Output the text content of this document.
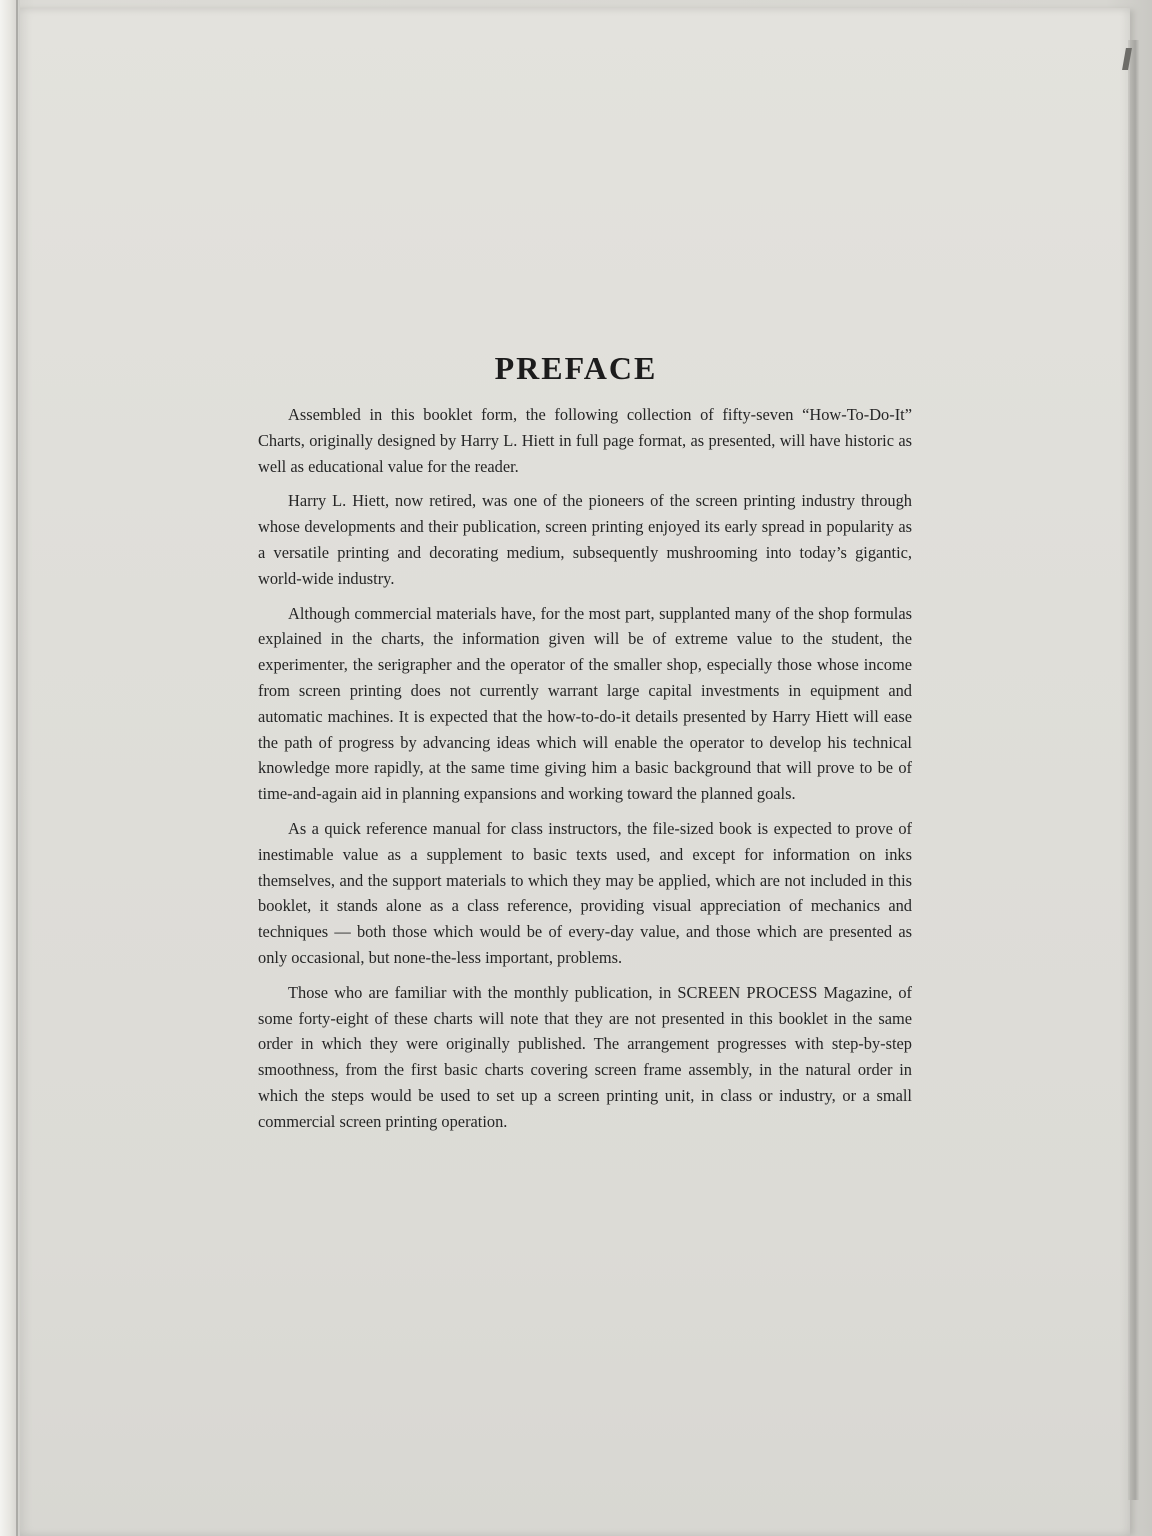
PREFACE

Assembled in this booklet form, the following collection of fifty-seven “How-To-Do-It” Charts, originally designed by Harry L. Hiett in full page format, as presented, will have historic as well as educational value for the reader.

Harry L. Hiett, now retired, was one of the pioneers of the screen printing industry through whose developments and their publication, screen printing enjoyed its early spread in popularity as a versatile printing and decorating medium, subsequently mushrooming into today’s gigantic, world-wide industry.

Although commercial materials have, for the most part, supplanted many of the shop formulas explained in the charts, the information given will be of extreme value to the student, the experimenter, the serigrapher and the operator of the smaller shop, especially those whose income from screen printing does not currently warrant large capital investments in equipment and automatic machines. It is expected that the how-to-do-it details presented by Harry Hiett will ease the path of progress by advancing ideas which will enable the operator to develop his technical knowledge more rapidly, at the same time giving him a basic background that will prove to be of time-and-again aid in planning expansions and working toward the planned goals.

As a quick reference manual for class instructors, the file-sized book is expected to prove of inestimable value as a supplement to basic texts used, and except for information on inks themselves, and the support materials to which they may be applied, which are not included in this booklet, it stands alone as a class reference, providing visual appreciation of mechanics and techniques — both those which would be of every-day value, and those which are presented as only occasional, but none-the-less important, problems.

Those who are familiar with the monthly publication, in SCREEN PROCESS Magazine, of some forty-eight of these charts will note that they are not presented in this booklet in the same order in which they were originally published. The arrangement progresses with step-by-step smoothness, from the first basic charts covering screen frame assembly, in the natural order in which the steps would be used to set up a screen printing unit, in class or industry, or a small commercial screen printing operation.
